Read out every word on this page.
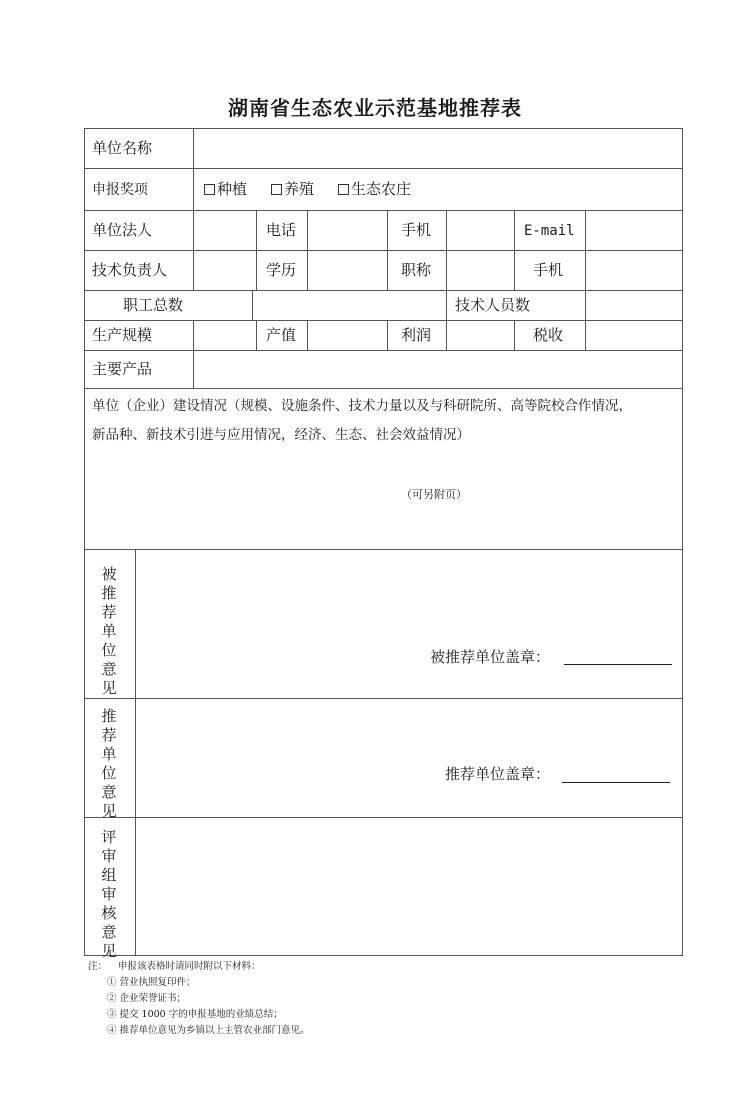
湖南省生态农业示范基地推荐表
单位名称
申报奖项	种植	养殖	生态农庄
单位法人	电话	手机	E-mail
技术负责人	学历	职称	手机
职工总数	技术人员数
生产规模	产值	利润	税收
主要产品
单位（企业）建设情况（规模、设施条件、技术力量以及与科研院所、高等院校合作情况，
新品种、新技术引进与应用情况，经济、生态、社会效益情况）
（可另附页）
被推荐单位意见
被推荐单位盖章：
推荐单位意见
推荐单位盖章：
评审组审核意见
注： 申报该表格时请同时附以下材料：
① 营业执照复印件；
② 企业荣誉证书；
③ 提交 1000 字的申报基地的业绩总结；
④ 推荐单位意见为乡镇以上主管农业部门意见。
